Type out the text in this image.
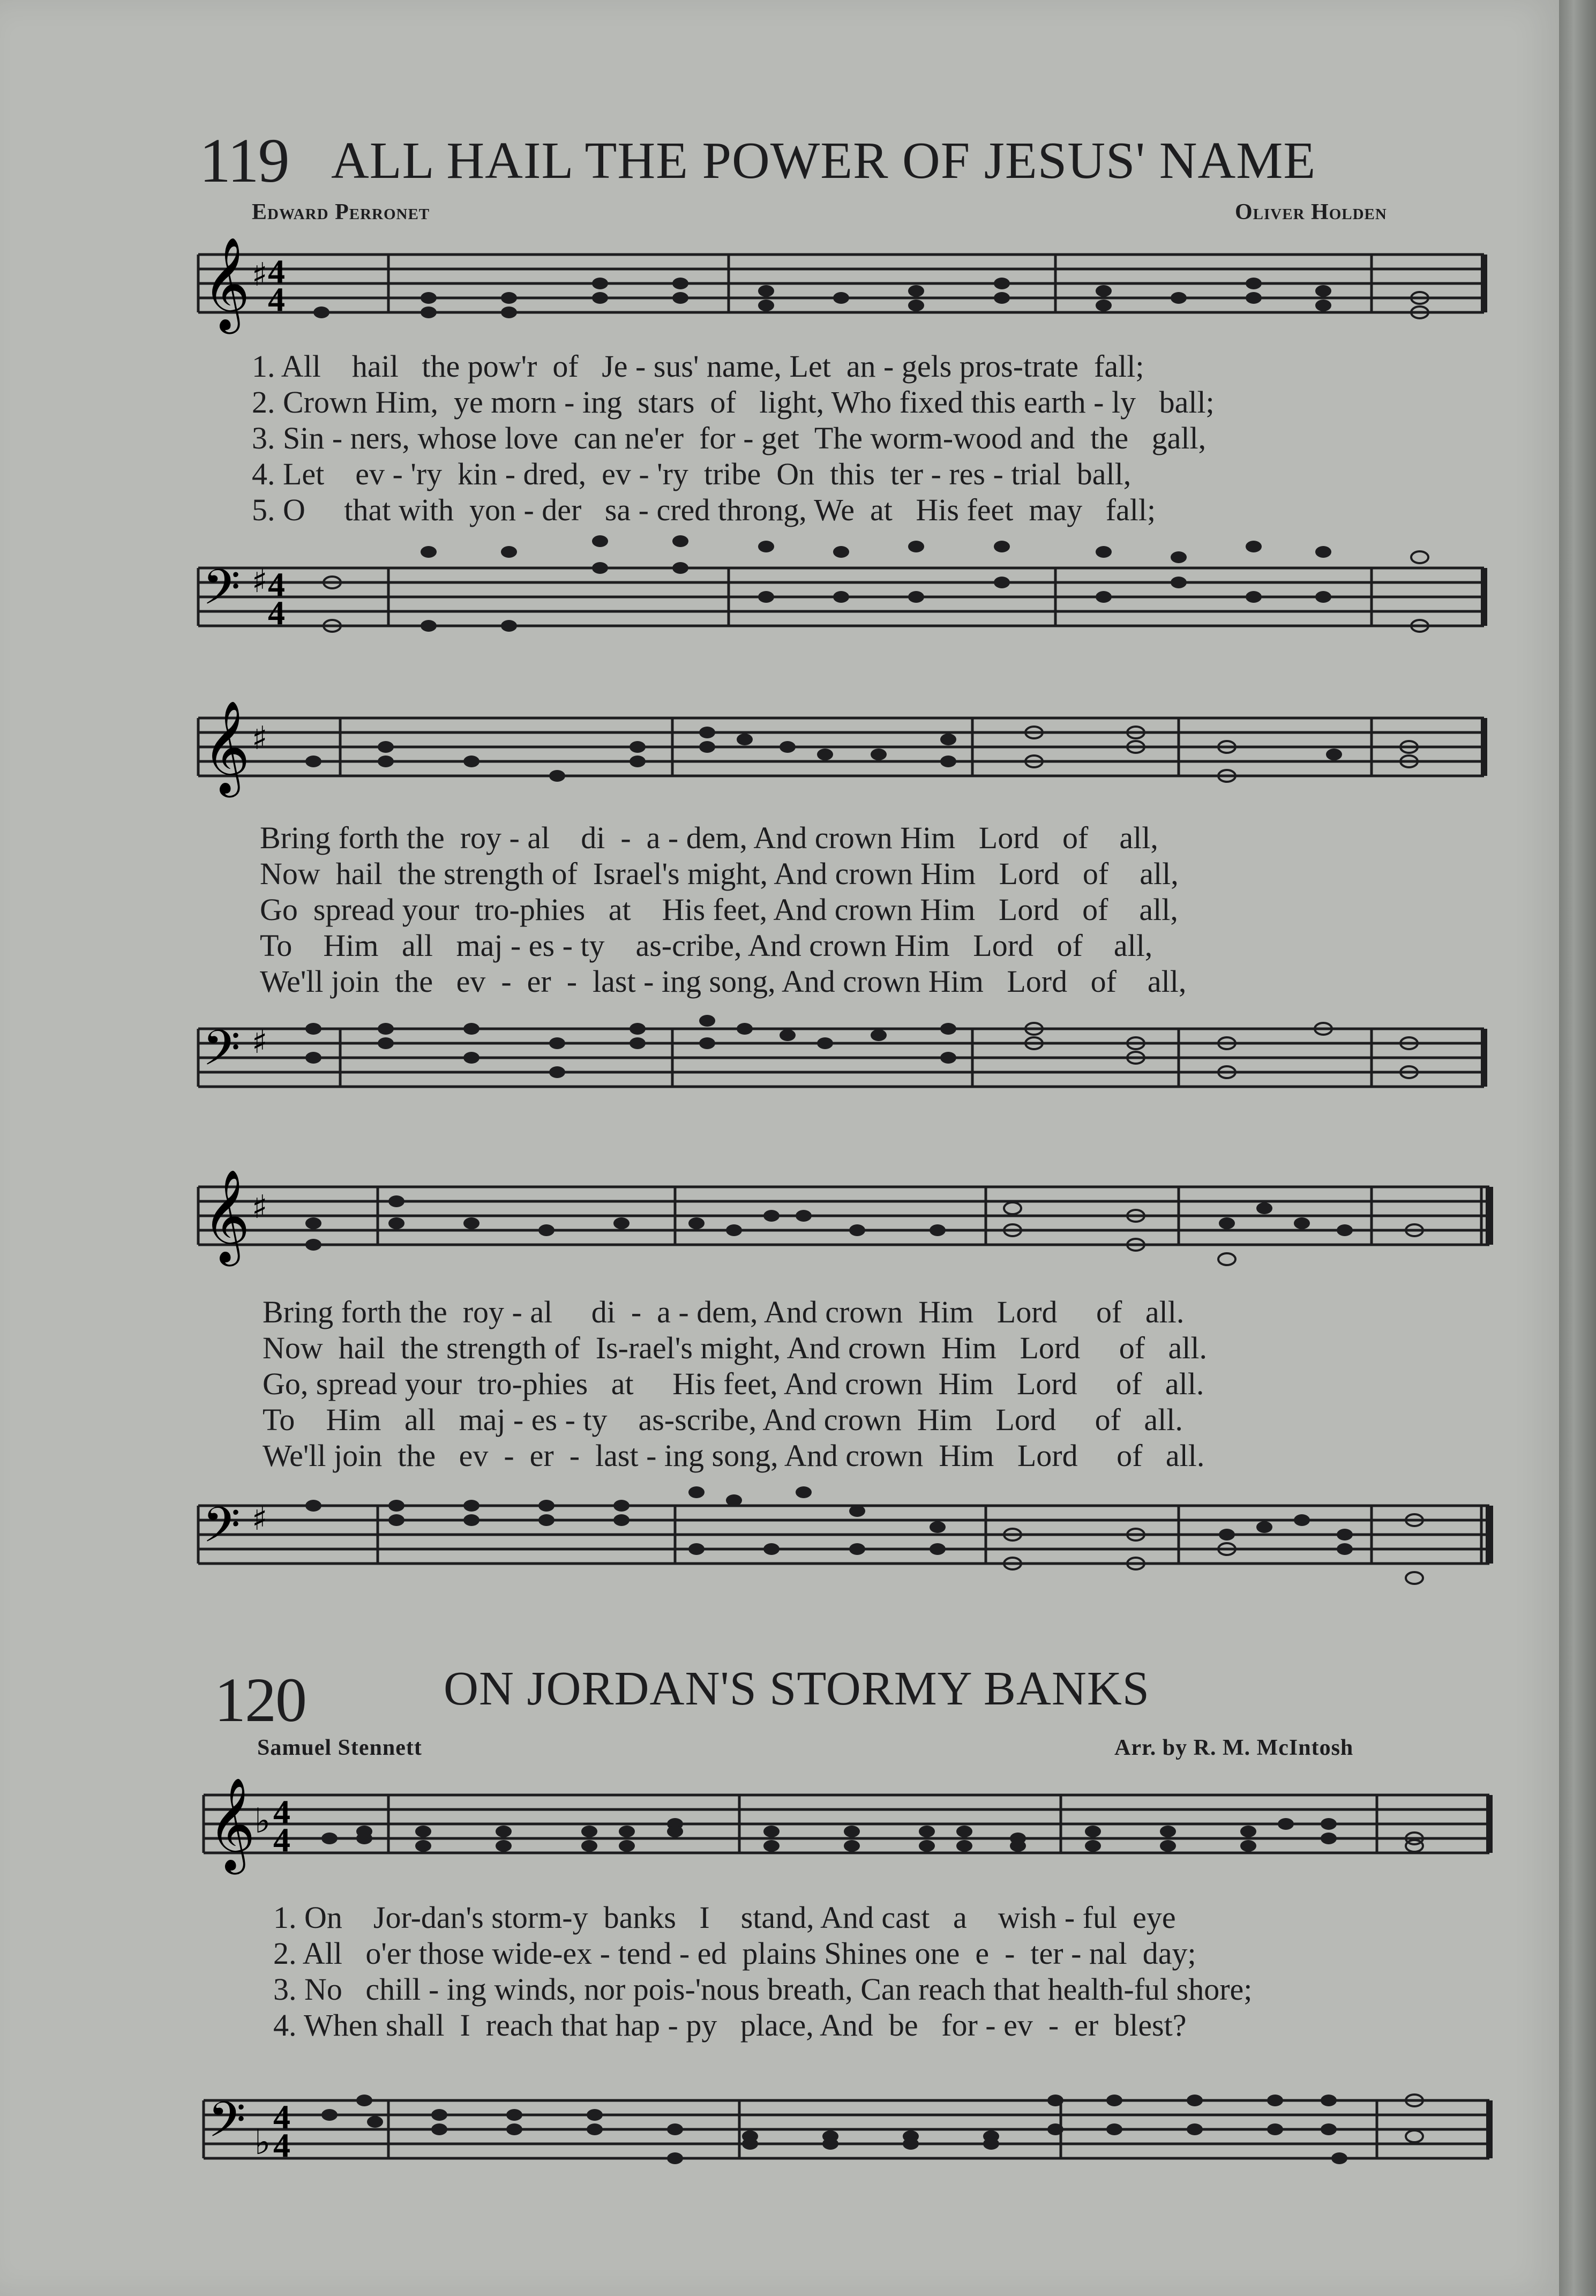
119 ALL HAIL THE POWER OF JESUS' NAME
Edward Perronet	Oliver Holden
𝄞 ♯ 4
4
1. All    hail   the pow'r  of   Je - sus' name, Let  an - gels pros-trate  fall;
2. Crown Him,  ye morn - ing  stars  of   light, Who fixed this earth - ly   ball;
3. Sin - ners, whose love  can ne'er  for - get  The worm-wood and  the   gall,
4. Let    ev - 'ry  kin - dred,  ev - 'ry  tribe  On  this  ter - res - trial  ball,
5. O     that with  yon - der   sa - cred throng, We  at   His feet  may   fall;
𝄢 ♯ 4
4
𝄞 ♯
Bring forth the  roy - al    di  -  a - dem, And crown Him   Lord   of    all,
Now  hail  the strength of  Israel's might, And crown Him   Lord   of    all,
Go  spread your  tro-phies   at    His feet, And crown Him   Lord   of    all,
To    Him   all   maj - es - ty    as-cribe, And crown Him   Lord   of    all,
We'll join  the   ev  -  er  -  last - ing song, And crown Him   Lord   of    all,
𝄢 ♯
𝄞 ♯
Bring forth the  roy - al     di  -  a - dem, And crown  Him   Lord     of   all.
Now  hail  the strength of  Is-rael's might, And crown  Him   Lord     of   all.
Go, spread your  tro-phies   at     His feet, And crown  Him   Lord     of   all.
To    Him   all   maj - es - ty    as-scribe, And crown  Him   Lord     of   all.
We'll join  the   ev  -  er  -  last - ing song, And crown  Him   Lord     of   all.
𝄢 ♯
120	ON JORDAN'S STORMY BANKS
Samuel Stennett	Arr. by R. M. McIntosh
𝄞
♭ 4
4
1. On    Jor-dan's storm-y  banks   I    stand, And cast   a    wish - ful  eye
2. All   o'er those wide-ex - tend - ed  plains Shines one  e  -  ter - nal  day;
3. No   chill - ing winds, nor pois-'nous breath, Can reach that health-ful shore;
4. When shall  I  reach that hap - py   place, And  be   for - ev  -  er  blest?
𝄢 ♭
4
4
